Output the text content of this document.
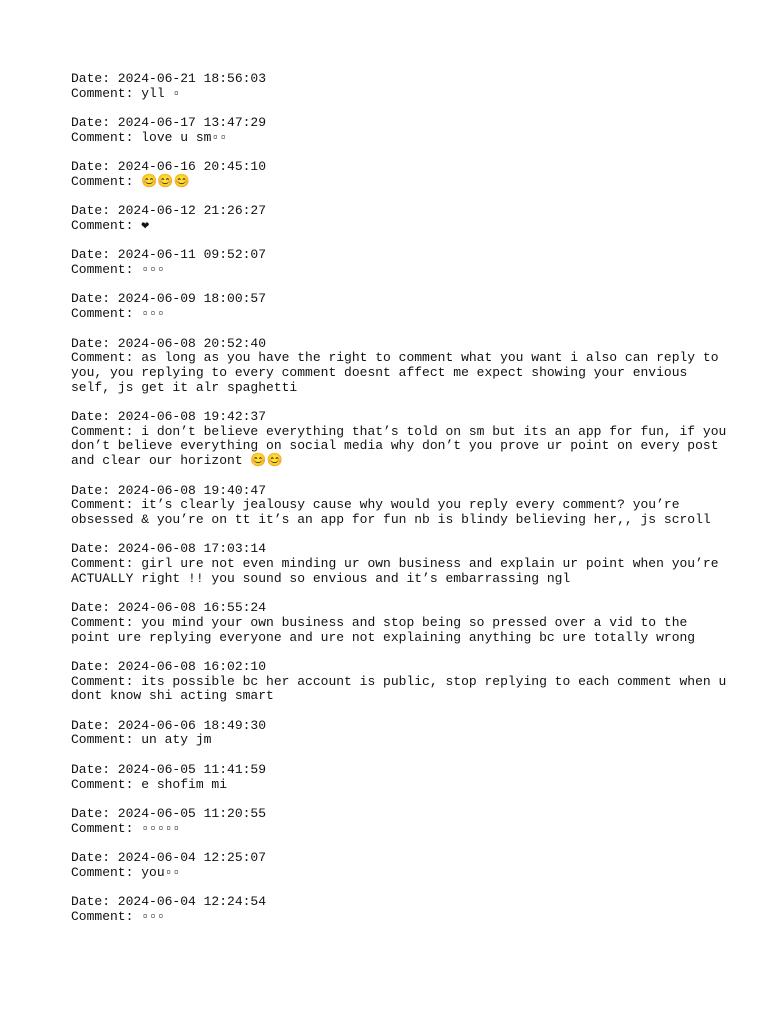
Date: 2024-06-21 18:56:03
Comment: yll ▫
Date: 2024-06-17 13:47:29
Comment: love u sm▫▫
Date: 2024-06-16 20:45:10
Comment: 😊😊😊
Date: 2024-06-12 21:26:27
Comment: ❤
Date: 2024-06-11 09:52:07
Comment: ▫▫▫
Date: 2024-06-09 18:00:57
Comment: ▫▫▫
Date: 2024-06-08 20:52:40
Comment: as long as you have the right to comment what you want i also can reply to you, you replying to every comment doesnt affect me expect showing your envious self, js get it alr spaghetti
Date: 2024-06-08 19:42:37
Comment: i don’t believe everything that’s told on sm but its an app for fun, if you don’t believe everything on social media why don’t you prove ur point on every post and clear our horizont 😊😊
Date: 2024-06-08 19:40:47
Comment: it’s clearly jealousy cause why would you reply every comment? you’re obsessed & you’re on tt it’s an app for fun nb is blindy believing her,, js scroll
Date: 2024-06-08 17:03:14
Comment: girl ure not even minding ur own business and explain ur point when you’re ACTUALLY right !! you sound so envious and it’s embarrassing ngl
Date: 2024-06-08 16:55:24
Comment: you mind your own business and stop being so pressed over a vid to the point ure replying everyone and ure not explaining anything bc ure totally wrong
Date: 2024-06-08 16:02:10
Comment: its possible bc her account is public, stop replying to each comment when u dont know shi acting smart
Date: 2024-06-06 18:49:30
Comment: un aty jm
Date: 2024-06-05 11:41:59
Comment: e shofim mi
Date: 2024-06-05 11:20:55
Comment: ▫▫▫▫▫
Date: 2024-06-04 12:25:07
Comment: you▫▫
Date: 2024-06-04 12:24:54
Comment: ▫▫▫
